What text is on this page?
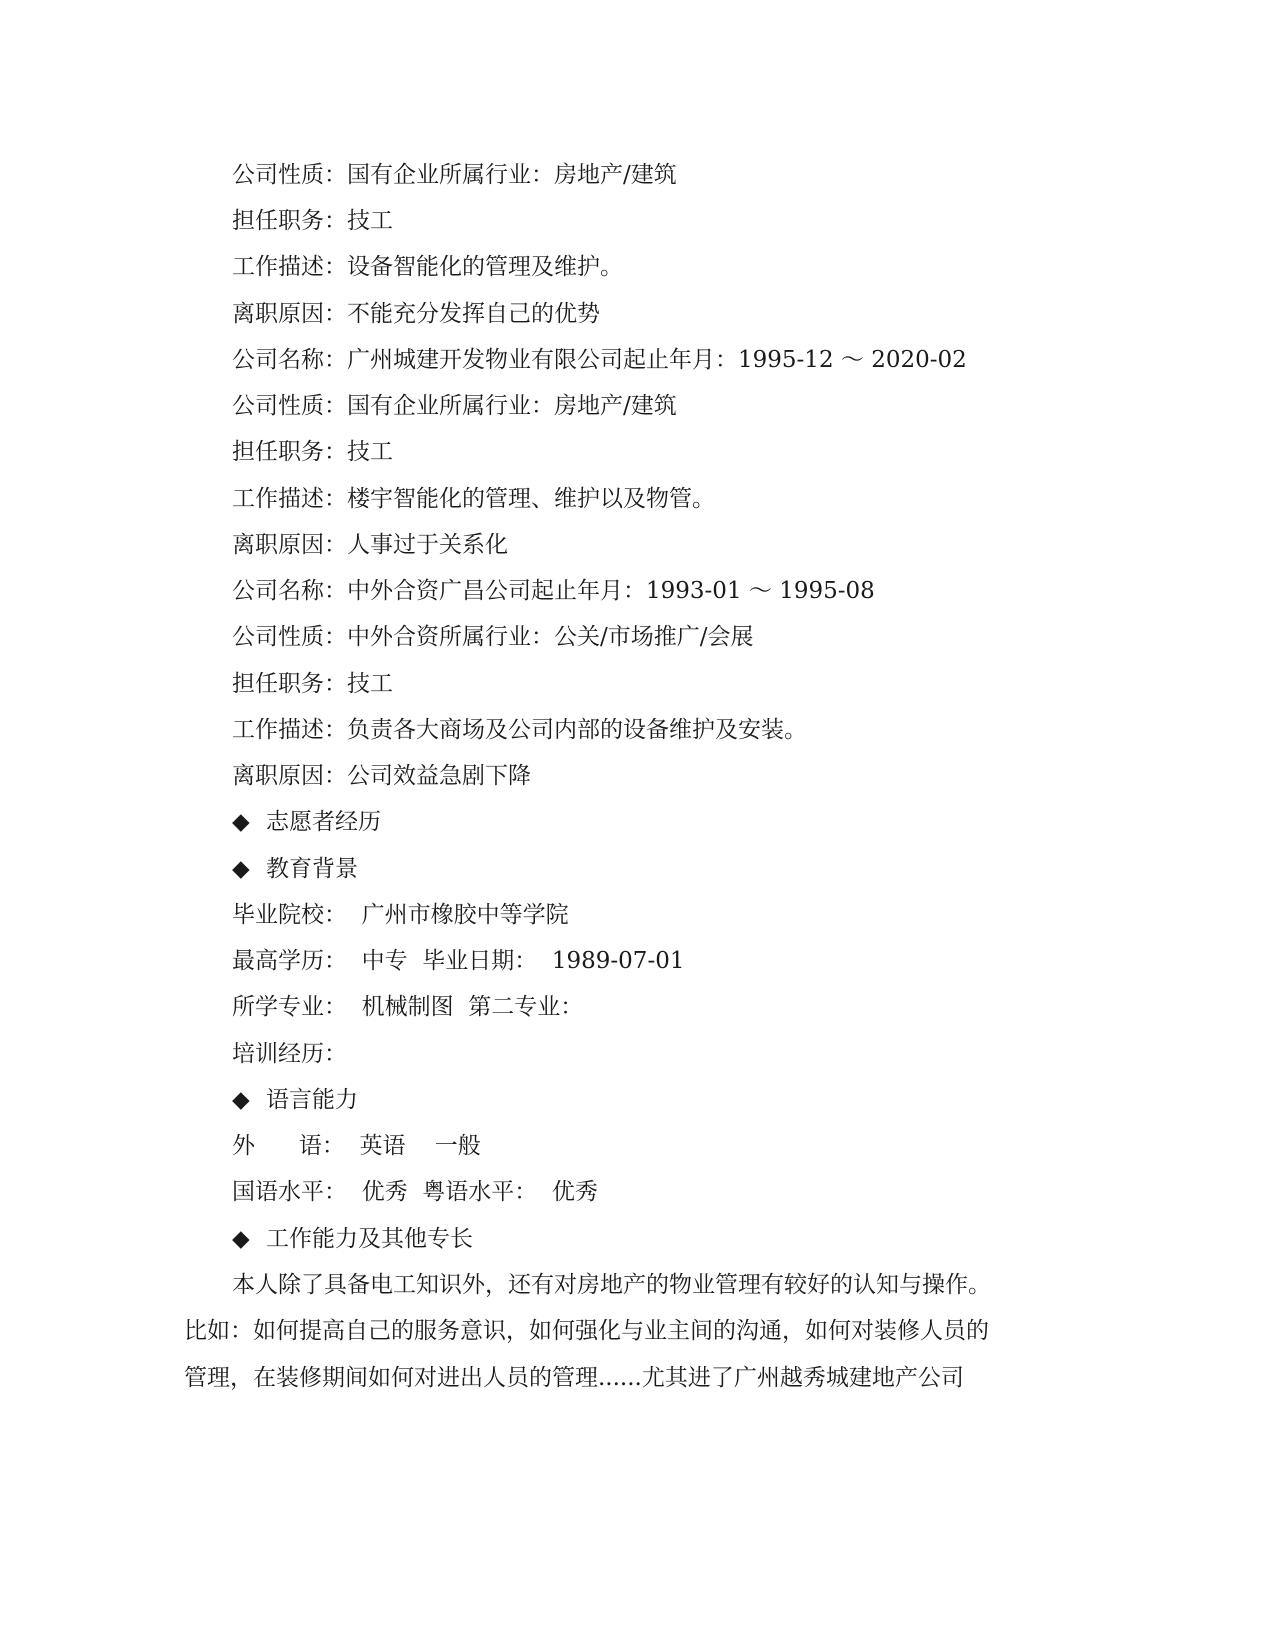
公司性质：国有企业所属行业：房地产/建筑
担任职务：技工
工作描述：设备智能化的管理及维护。
离职原因：不能充分发挥自己的优势
公司名称：广州城建开发物业有限公司起止年月：1995-12 ～ 2020-02
公司性质：国有企业所属行业：房地产/建筑
担任职务：技工
工作描述：楼宇智能化的管理、维护以及物管。
离职原因：人事过于关系化
公司名称：中外合资广昌公司起止年月：1993-01 ～ 1995-08
公司性质：中外合资所属行业：公关/市场推广/会展
担任职务：技工
工作描述：负责各大商场及公司内部的设备维护及安装。
离职原因：公司效益急剧下降
◆ 志愿者经历
◆ 教育背景
毕业院校：  广州市橡胶中等学院
最高学历：  中专  毕业日期：  1989-07-01
所学专业：  机械制图  第二专业：
培训经历：
◆ 语言能力
外      语：  英语    一般
国语水平：  优秀  粤语水平：  优秀
◆ 工作能力及其他专长
本人除了具备电工知识外，还有对房地产的物业管理有较好的认知与操作。
比如：如何提高自己的服务意识，如何强化与业主间的沟通，如何对装修人员的
管理，在装修期间如何对进出人员的管理......尤其进了广州越秀城建地产公司
